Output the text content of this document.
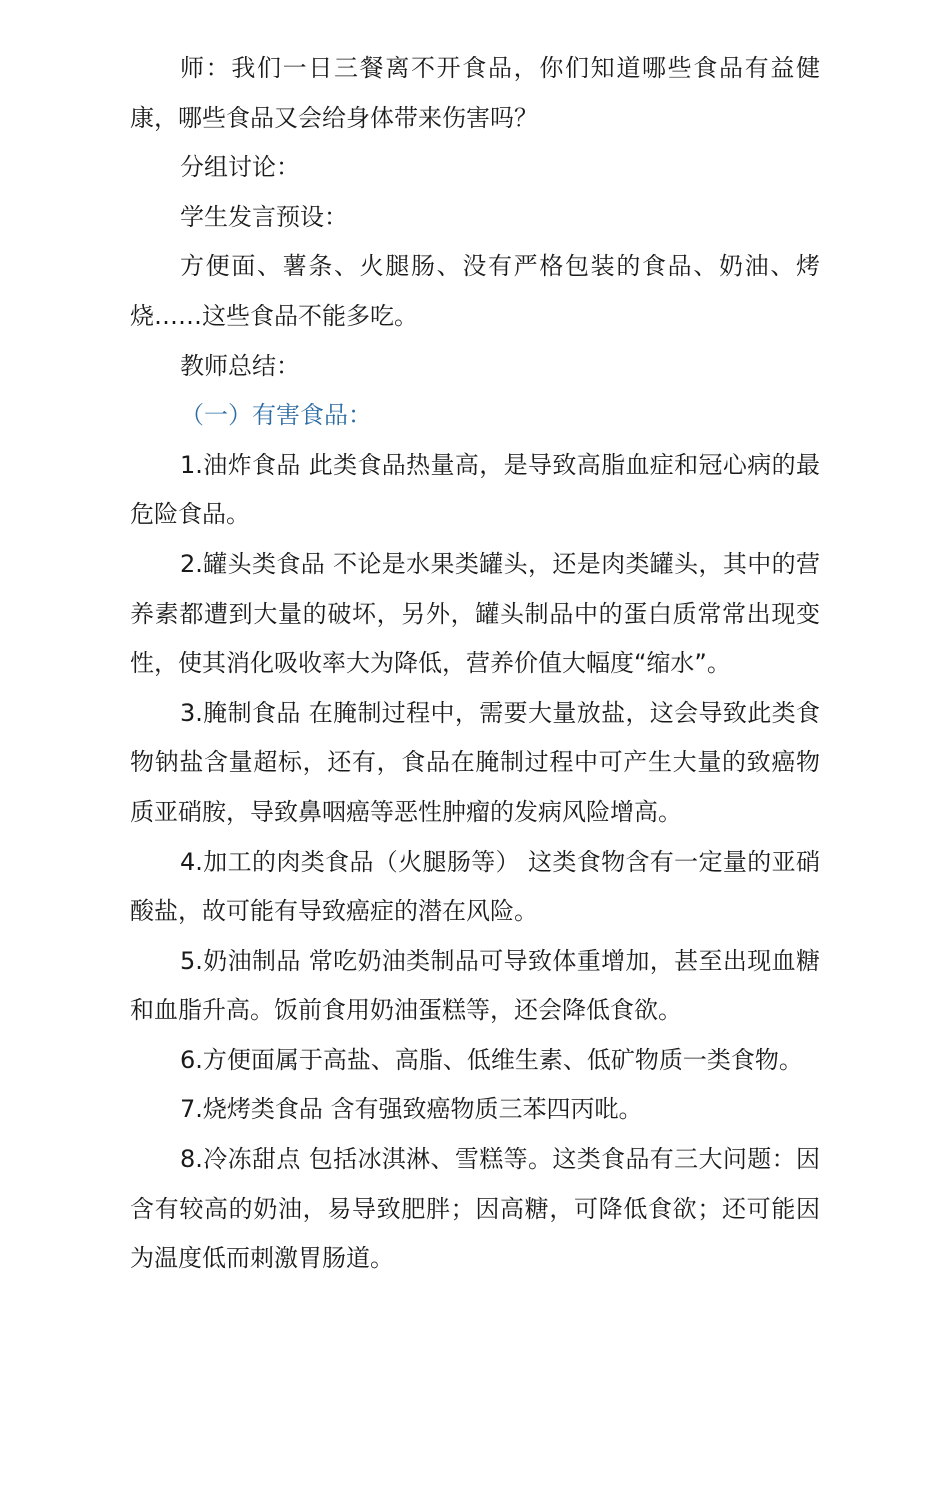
师：我们一日三餐离不开食品，你们知道哪些食品有益健康，哪些食品又会给身体带来伤害吗？

分组讨论：

学生发言预设：

方便面、薯条、火腿肠、没有严格包装的食品、奶油、烤烧……这些食品不能多吃。

教师总结：

（一）有害食品：

1.油炸食品 此类食品热量高，是导致高脂血症和冠心病的最危险食品。

2.罐头类食品 不论是水果类罐头，还是肉类罐头，其中的营养素都遭到大量的破坏，另外，罐头制品中的蛋白质常常出现变性，使其消化吸收率大为降低，营养价值大幅度“缩水”。

3.腌制食品 在腌制过程中，需要大量放盐，这会导致此类食物钠盐含量超标，还有，食品在腌制过程中可产生大量的致癌物质亚硝胺，导致鼻咽癌等恶性肿瘤的发病风险增高。

4.加工的肉类食品（火腿肠等） 这类食物含有一定量的亚硝酸盐，故可能有导致癌症的潜在风险。

5.奶油制品 常吃奶油类制品可导致体重增加，甚至出现血糖和血脂升高。饭前食用奶油蛋糕等，还会降低食欲。

6.方便面属于高盐、高脂、低维生素、低矿物质一类食物。

7.烧烤类食品 含有强致癌物质三苯四丙吡。

8.冷冻甜点 包括冰淇淋、雪糕等。这类食品有三大问题：因含有较高的奶油，易导致肥胖；因高糖，可降低食欲；还可能因为温度低而刺激胃肠道。
